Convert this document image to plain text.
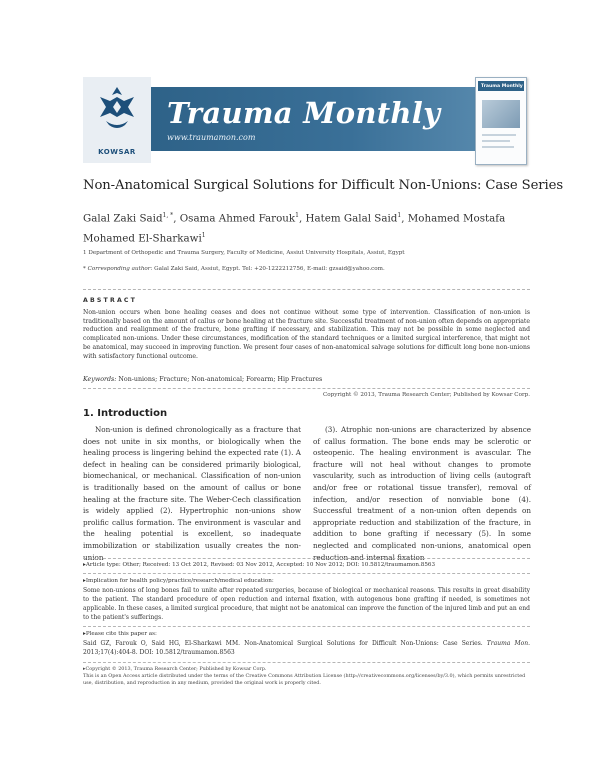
KOWSAR
Trauma Monthly
www.traumamon.com
Trauma Monthly
Non-Anatomical Surgical Solutions for Difficult Non-Unions: Case Series
Galal Zaki Said$^{1, *}$, Osama Ahmed Farouk$^1$, Hatem Galal Said$^1$, Mohamed Mostafa Mohamed El-Sharkawi$^1$
1 Department of Orthopedic and Trauma Surgery, Faculty of Medicine, Assiut University Hospitals, Assiut, Egypt
* Corresponding author: Galal Zaki Said, Assiut, Egypt. Tel: +20-1222212756, E-mail: gzsaid@yahoo.com.
ABSTRACT
Non-union occurs when bone healing ceases and does not continue without some type of intervention. Classification of non-union is traditionally based on the amount of callus or bone healing at the fracture site. Successful treatment of non-union often depends on appropriate reduction and realignment of the fracture, bone grafting if necessary, and stabilization. This may not be possible in some neglected and complicated non-unions. Under these circumstances, modification of the standard techniques or a limited surgical interference, that might not be anatomical, may succeed in improving function. We present four cases of non-anatomical salvage solutions for difficult long bone non-unions with satisfactory functional outcome.
Keywords: Non-unions; Fracture; Non-anatomical; Forearm; Hip Fractures
Copyright © 2013, Trauma Research Center; Published by Kowsar Corp.
1. Introduction
Non-union is defined chronologically as a fracture that does not unite in six months, or biologically when the healing process is lingering behind the expected rate (1). A defect in healing can be considered primarily biological, biomechanical, or mechanical. Classification of non-union is traditionally based on the amount of callus or bone healing at the fracture site. The Weber-Cech classification is widely applied (2). Hypertrophic non-unions show prolific callus formation. The environment is vascular and the healing potential is excellent, so inadequate immobilization or stabilization usually creates the non-union
(3). Atrophic non-unions are characterized by absence of callus formation. The bone ends may be sclerotic or osteopenic. The healing environment is avascular. The fracture will not heal without changes to promote vascularity, such as introduction of living cells (autograft and/or free or rotational tissue transfer), removal of infection, and/or resection of nonviable bone (4). Successful treatment of a non-union often depends on appropriate reduction and stabilization of the fracture, in addition to bone grafting if necessary (5). In some neglected and complicated non-unions, anatomical open reduction and internal fixation
▸Article type: Other; Received: 13 Oct 2012, Revised: 03 Nov 2012, Accepted: 10 Nov 2012; DOI: 10.5812/traumamon.8563
▸Implication for health policy/practice/research/medical education:
Some non-unions of long bones fail to unite after repeated surgeries, because of biological or mechanical reasons. This results in great disability to the patient. The standard procedure of open reduction and internal fixation, with autogenous bone grafting if needed, is sometimes not applicable. In these cases, a limited surgical procedure, that might not be anatomical can improve the function of the injured limb and put an end to the patient's sufferings.
▸Please cite this paper as:
Said GZ, Farouk O, Said HG, El-Sharkawi MM. Non-Anatomical Surgical Solutions for Difficult Non-Unions: Case Series. Trauma Mon. 2013;17(4):404-8. DOI: 10.5812/traumamon.8563
▸Copyright © 2013, Trauma Research Center; Published by Kowsar Corp.
This is an Open Access article distributed under the terms of the Creative Commons Attribution License (http://creativecommons.org/licenses/by/3.0), which permits unrestricted use, distribution, and reproduction in any medium, provided the original work is properly cited.
